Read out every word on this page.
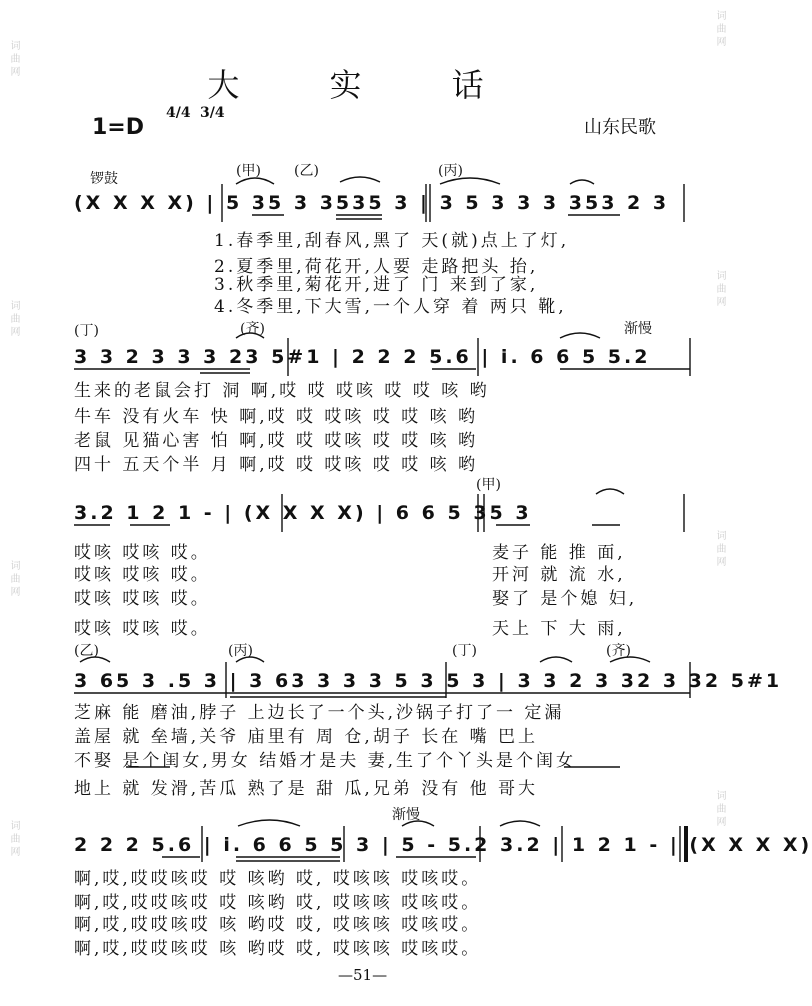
词曲网
词曲网
词曲网
词曲网
词曲网
词曲网
词曲网
词曲网
大 实 话
1=D
4/4 3/4
山东民歌
锣鼓	(甲) (乙)	(丙)
(X X X X) | 5 35 3 3535 3 | 3 5 3 3 3 353 2 3
1.春季里,刮春风,黑了 天(就)点上了灯,
2.夏季里,荷花开,人要 走路把头 抬,
3.秋季里,菊花开,进了 门 来到了家,
4.冬季里,下大雪,一个人穿 着 两只 靴,
(丁)	(齐)	渐慢
3 3 2 3 3 3 23 5#1 | 2 2 2 5.6 | i. 6 6 5 5.2
生来的老鼠会打 洞 啊,哎 哎 哎咳 哎 哎 咳 哟
牛车 没有火车 快 啊,哎 哎 哎咳 哎 哎 咳 哟
老鼠 见猫心害 怕 啊,哎 哎 哎咳 哎 哎 咳 哟
四十 五天个半 月 啊,哎 哎 哎咳 哎 哎 咳 哟
(甲)
3.2 1 2 1 - | (X X X X) | 6 6 5 35 3
哎咳 哎咳 哎。
哎咳 哎咳 哎。
哎咳 哎咳 哎。
哎咳 哎咳 哎。
麦子 能 推 面,
开河 就 流 水,
娶了 是个媳 妇,
天上 下 大 雨,
(乙)	(丙)	(丁)	(齐)
3 65 3 .5 3 | 3 63 3 3 3 5 3 5 3 | 3 3 2 3 32 3 32 5#1
芝麻 能 磨油,脖子 上边长了一个头,沙锅子打了一 定漏
盖屋 就 垒墙,关爷 庙里有 周 仓,胡子 长在 嘴 巴上
不娶 是个闺女,男女 结婚才是夫 妻,生了个丫头是个闺女
地上 就 发滑,苦瓜 熟了是 甜 瓜,兄弟 没有 他 哥大
渐慢
2 2 2 5.6 | i. 6 6 5 5 3 | 5 - 5.2 3.2 | 1 2 1 - | (X X X X)
啊,哎,哎哎咳哎 哎 咳哟 哎, 哎咳咳 哎咳哎。
啊,哎,哎哎咳哎 哎 咳哟 哎, 哎咳咳 哎咳哎。
啊,哎,哎哎咳哎 咳 哟哎 哎, 哎咳咳 哎咳哎。
啊,哎,哎哎咳哎 咳 哟哎 哎, 哎咳咳 哎咳哎。
—51—
